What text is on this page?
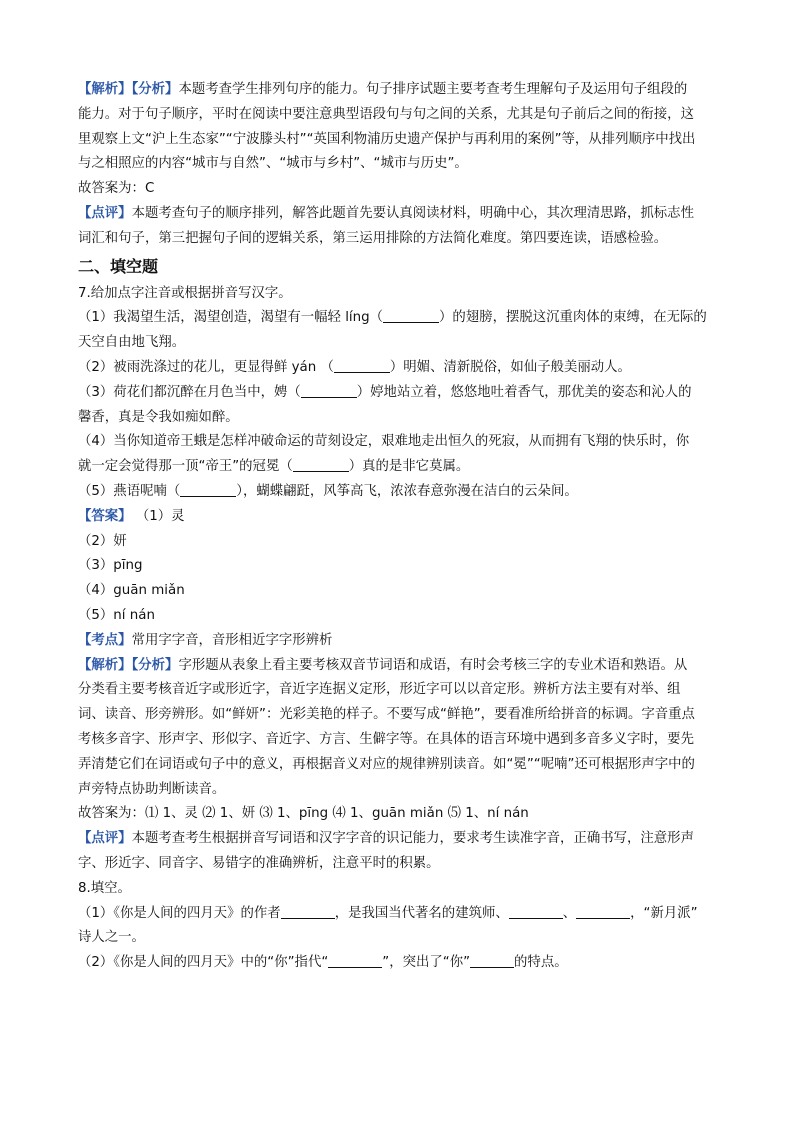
【解析】【分析】本题考查学生排列句序的能力。句子排序试题主要考查考生理解句子及运用句子组段的
能力。对于句子顺序，平时在阅读中要注意典型语段句与句之间的关系，尤其是句子前后之间的衔接，这
里观察上文“沪上生态家”“宁波滕头村”“英国利物浦历史遗产保护与再利用的案例”等，从排列顺序中找出
与之相照应的内容“城市与自然”、“城市与乡村”、“城市与历史”。
故答案为：C
【点评】本题考查句子的顺序排列，解答此题首先要认真阅读材料，明确中心，其次理清思路，抓标志性
词汇和句子，第三把握句子间的逻辑关系，第三运用排除的方法简化难度。第四要连读，语感检验。
二、填空题
7.给加点字注音或根据拼音写汉字。
（1）我渴望生活，渴望创造，渴望有一幅轻 líng（	）的翅膀，摆脱这沉重肉体的束缚，在无际的
天空自由地飞翔。
（2）被雨洗涤过的花儿，更显得鲜 yán （	）明媚、清新脱俗，如仙子般美丽动人。
（3）荷花们都沉醉在月色当中，娉（	）婷地站立着，悠悠地吐着香气，那优美的姿态和沁人的
馨香，真是令我如痴如醉。
（4）当你知道帝王蛾是怎样冲破命运的苛刻设定，艰难地走出恒久的死寂，从而拥有飞翔的快乐时，你
就一定会觉得那一顶“帝王”的冠冕（	）真的是非它莫属。
（5）燕语呢喃（	），蝴蝶翩跹，风筝高飞，浓浓春意弥漫在洁白的云朵间。
【答案】 （1）灵
（2）妍
（3）pīng
（4）guān miǎn
（5）ní nán
【考点】常用字字音，音形相近字字形辨析
【解析】【分析】字形题从表象上看主要考核双音节词语和成语，有时会考核三字的专业术语和熟语。从
分类看主要考核音近字或形近字，音近字连据义定形，形近字可以以音定形。辨析方法主要有对举、组
词、读音、形旁辨形。如“鲜妍”：光彩美艳的样子。不要写成“鲜艳”，要看准所给拼音的标调。字音重点
考核多音字、形声字、形似字、音近字、方言、生僻字等。在具体的语言环境中遇到多音多义字时，要先
弄清楚它们在词语或句子中的意义，再根据音义对应的规律辨别读音。如“冕”“呢喃”还可根据形声字中的
声旁特点协助判断读音。
故答案为：⑴ 1、灵 ⑵ 1、妍 ⑶ 1、pīng ⑷ 1、guān miǎn ⑸ 1、ní nán
【点评】本题考查考生根据拼音写词语和汉字字音的识记能力，要求考生读准字音，正确书写，注意形声
字、形近字、同音字、易错字的准确辨析，注意平时的积累。
8.填空。
（1）《你是人间的四月天》的作者	，是我国当代著名的建筑师、	、	，“新月派”
诗人之一。
（2）《你是人间的四月天》中的“你”指代“	”，突出了“你”	的特点。
